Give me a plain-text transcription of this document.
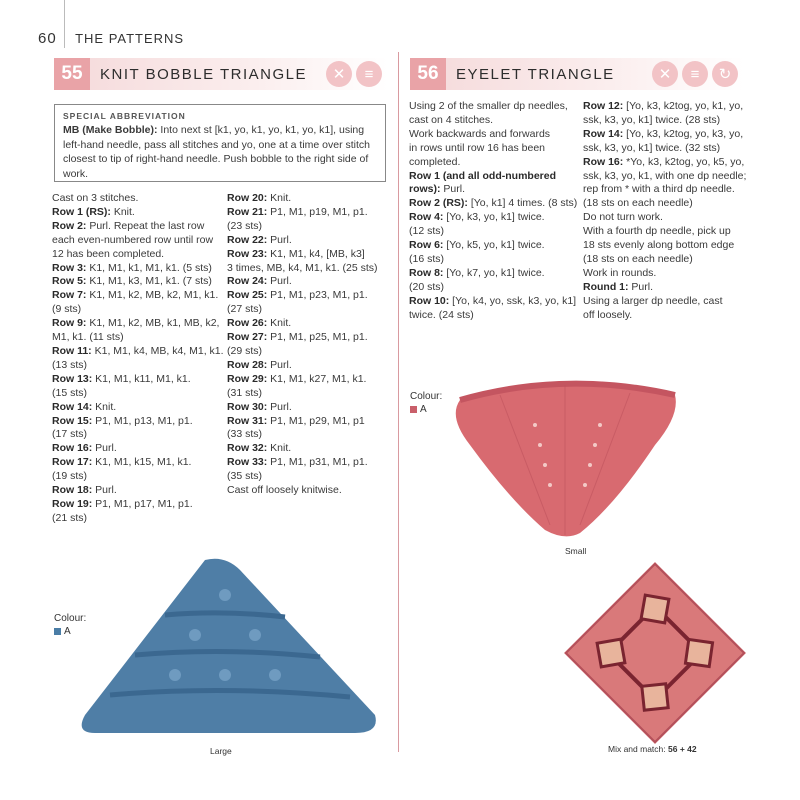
60 THE PATTERNS
55	KNIT BOBBLE TRIANGLE	✕	≡
SPECIAL ABBREVIATION
MB (Make Bobble): Into next st [k1, yo, k1, yo, k1, yo, k1], using left-hand needle, pass all stitches and yo, one at a time over stitch closest to tip of right-hand needle. Push bobble to the right side of work.
Cast on 3 stitches.
Row 1 (RS): Knit.
Row 2: Purl. Repeat the last row
each even-numbered row until row
12 has been completed.
Row 3: K1, M1, k1, M1, k1. (5 sts)
Row 5: K1, M1, k3, M1, k1. (7 sts)
Row 7: K1, M1, k2, MB, k2, M1, k1.
(9 sts)
Row 9: K1, M1, k2, MB, k1, MB, k2,
M1, k1. (11 sts)
Row 11: K1, M1, k4, MB, k4, M1, k1.
(13 sts)
Row 13: K1, M1, k11, M1, k1.
(15 sts)
Row 14: Knit.
Row 15: P1, M1, p13, M1, p1.
(17 sts)
Row 16: Purl.
Row 17: K1, M1, k15, M1, k1.
(19 sts)
Row 18: Purl.
Row 19: P1, M1, p17, M1, p1.
(21 sts)
Row 20: Knit.
Row 21: P1, M1, p19, M1, p1.
(23 sts)
Row 22: Purl.
Row 23: K1, M1, k4, [MB, k3]
3 times, MB, k4, M1, k1. (25 sts)
Row 24: Purl.
Row 25: P1, M1, p23, M1, p1.
(27 sts)
Row 26: Knit.
Row 27: P1, M1, p25, M1, p1.
(29 sts)
Row 28: Purl.
Row 29: K1, M1, k27, M1, k1.
(31 sts)
Row 30: Purl.
Row 31: P1, M1, p29, M1, p1
(33 sts)
Row 32: Knit.
Row 33: P1, M1, p31, M1, p1.
(35 sts)
Cast off loosely knitwise.
56	EYELET TRIANGLE	✕	≡	↻
Using 2 of the smaller dp needles,
cast on 4 stitches.
Work backwards and forwards
in rows until row 16 has been
completed.
Row 1 (and all odd-numbered
rows): Purl.
Row 2 (RS): [Yo, k1] 4 times. (8 sts)
Row 4: [Yo, k3, yo, k1] twice.
(12 sts)
Row 6: [Yo, k5, yo, k1] twice.
(16 sts)
Row 8: [Yo, k7, yo, k1] twice.
(20 sts)
Row 10: [Yo, k4, yo, ssk, k3, yo, k1]
twice. (24 sts)
Row 12: [Yo, k3, k2tog, yo, k1, yo,
ssk, k3, yo, k1] twice. (28 sts)
Row 14: [Yo, k3, k2tog, yo, k3, yo,
ssk, k3, yo, k1] twice. (32 sts)
Row 16: *Yo, k3, k2tog, yo, k5, yo,
ssk, k3, yo, k1, with one dp needle;
rep from * with a third dp needle.
(18 sts on each needle)
Do not turn work.
With a fourth dp needle, pick up
18 sts evenly along bottom edge
(18 sts on each needle)
Work in rounds.
Round 1: Purl.
Using a larger dp needle, cast
off loosely.
Colour:
A
Small
Mix and match: 56 + 42
Colour:
A
Large
